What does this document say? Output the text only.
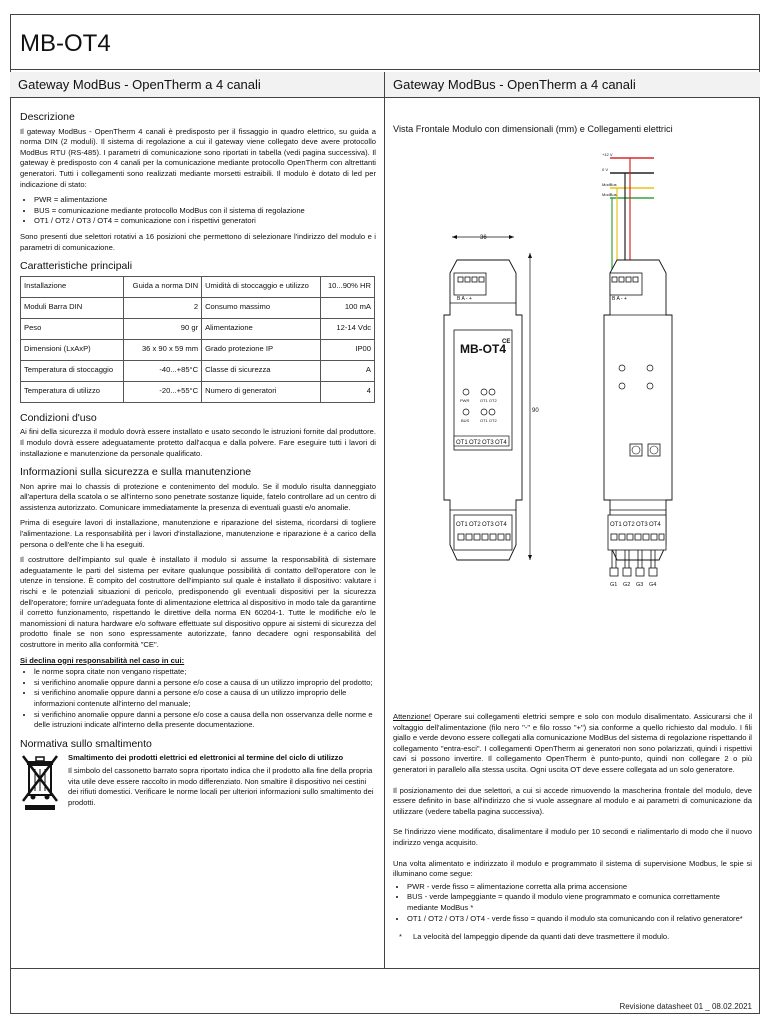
MB-OT4
Gateway ModBus - OpenTherm a 4 canali	Gateway ModBus - OpenTherm a 4 canali
Descrizione

Il gateway ModBus - OpenTherm 4 canali è predisposto per il fissaggio in quadro elettrico, su guida a norma DIN (2 moduli). Il sistema di regolazione a cui il gateway viene collegato deve avere protocollo ModBus RTU (RS-485). I parametri di comunicazione sono riportati in tabella (vedi pagina successiva). Il gateway è predisposto con 4 canali per la comunicazione mediante protocollo OpenTherm con altrettanti generatori. Tutti i collegamenti sono realizzati mediante morsetti estraibili. Il modulo è dotato di led per indicazione di stato:

• PWR = alimentazione
• BUS = comunicazione mediante protocollo ModBus con il sistema di regolazione
• OT1 / OT2 / OT3 / OT4 = comunicazione con i rispettivi generatori

Sono presenti due selettori rotativi a 16 posizioni che permettono di selezionare l'indirizzo del modulo e i parametri di comunicazione.

Caratteristiche principali
Installazione	Guida a norma DIN	Umidità di stoccaggio e utilizzo	10...90% HR
Moduli Barra DIN	2	Consumo massimo	100 mA
Peso	90 gr	Alimentazione	12-14 Vdc
Dimensioni (LxAxP)	36 x 90 x 59 mm	Grado protezione IP	IP00
Temperatura di stoccaggio	-40...+85°C	Classe di sicurezza	A
Temperatura di utilizzo	-20...+55°C	Numero di generatori	4
Condizioni d'uso

Ai fini della sicurezza il modulo dovrà essere installato e usato secondo le istruzioni fornite dal produttore. Il modulo dovrà essere adeguatamente protetto dall'acqua e dalla polvere. Fare eseguire tutti i lavori di installazione e manutenzione da personale qualificato.

Informazioni sulla sicurezza e sulla manutenzione

Non aprire mai lo chassis di protezione e contenimento del modulo. Se il modulo risulta danneggiato all'apertura della scatola o se all'interno sono penetrate sostanze liquide, fatelo controllare ad un centro di assistenza autorizzato. Comunicare immediatamente la presenza di eventuali guasti e/o anomalie.

Prima di eseguire lavori di installazione, manutenzione e riparazione del sistema, ricordarsi di togliere l'alimentazione. La responsabilità per i lavori d'installazione, manutenzione e riparazione è a carico della persona o dell'ente che li ha eseguiti.

Il costruttore dell'impianto sul quale è installato il modulo si assume la responsabilità di sistemare adeguatamente le parti del sistema per evitare qualunque possibilità di contatto dell'operatore con le utenze in tensione. È compito del costruttore dell'impianto sul quale è installato il dispositivo: valutare i rischi e le potenziali situazioni di pericolo, predisponendo gli eventuali dispositivi per la sicurezza dell'operatore; fornire un'adeguata fonte di alimentazione elettrica al dispositivo in modo tale da garantirne il corretto funzionamento, rispettando le direttive della norma EN 60204-1. Tutte le modifiche e/o le manomissioni di natura hardware e/o software effettuate sul dispositivo oppure ai sistemi di sicurezza del prodotto finale se non sono espressamente autorizzate, fanno decadere ogni responsabilità del costruttore in merito alla conformità "CE".

Si declina ogni responsabilità nel caso in cui:

• le norme sopra citate non vengano rispettate;
• si verifichino anomalie oppure danni a persone e/o cose a causa di un utilizzo improprio del prodotto;
• si verifichino anomalie oppure danni a persone e/o cose a causa di un utilizzo improprio delle informazioni contenute all'interno del manuale;
• si verifichino anomalie oppure danni a persone e/o cose a causa della non osservanza delle norme e delle istruzioni indicate all'interno della presente documentazione.
Normativa sullo smaltimento
Smaltimento dei prodotti elettrici ed elettronici al termine del ciclo di utilizzo
Il simbolo del cassonetto barrato sopra riportato indica che il prodotto alla fine della propria vita utile deve essere raccolto in modo differenziato. Non smaltire il dispositivo nei cestini dei rifiuti domestici. Verificare le norme locali per ulteriori informazioni sullo smaltimento dei prodotti.
Vista Frontale Modulo con dimensionali (mm) e Collegamenti elettrici
36
90
B A - +
MB-OT4
CE
PWR	OT1 OT2
BUS	OT1 OT2
OT1 OT2 OT3 OT4
OT1 OT2 OT3 OT4
+12 V
0 V
ModBus
ModBus
B A - +
OT1 OT2 OT3 OT4
G1 G2 G3 G4

Attenzione! Operare sui collegamenti elettrici sempre e solo con modulo disalimentato. Assicurarsi che il voltaggio dell'alimentazione (filo nero "-" e filo rosso "+") sia conforme a quello richiesto dal modulo. I fili giallo e verde devono essere collegati alla comunicazione ModBus del sistema di regolazione rispettando il collegamento "entra-esci". I collegamenti OpenTherm ai generatori non sono polarizzati, quindi i rispettivi cavi si possono invertire. Il collegamento OpenTherm è punto-punto, quindi non collegare 2 o più generatori in parallelo alla stessa uscita. Ogni uscita OT deve essere collegata ad un solo generatore.

Il posizionamento dei due selettori, a cui si accede rimuovendo la mascherina frontale del modulo, deve essere definito in base all'indirizzo che si vuole assegnare al modulo e ai parametri di comunicazione da utilizzare (vedere tabella pagina successiva).

Se l'indirizzo viene modificato, disalimentare il modulo per 10 secondi e rialimentarlo di modo che il nuovo indirizzo venga acquisito.

Una volta alimentato e indirizzato il modulo e programmato il sistema di supervisione Modbus, le spie si illuminano come segue:

• PWR - verde fisso = alimentazione corretta alla prima accensione
• BUS - verde lampeggiante = quando il modulo viene programmato e comunica correttamente mediante ModBus *
• OT1 / OT2 / OT3 / OT4 - verde fisso = quando il modulo sta comunicando con il relativo generatore*

* La velocità del lampeggio dipende da quanti dati deve trasmettere il modulo.

Revisione datasheet 01 _ 08.02.2021
